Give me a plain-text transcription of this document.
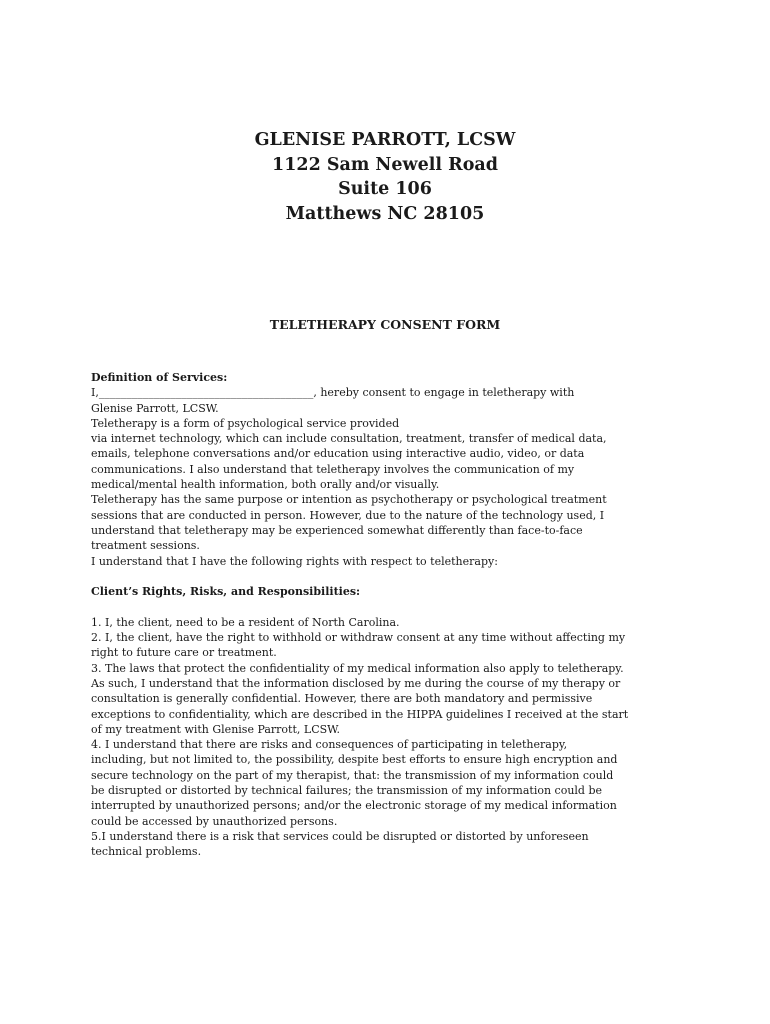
GLENISE PARROTT, LCSW
1122 Sam Newell Road
Suite 106
Matthews NC 28105
TELETHERAPY CONSENT FORM

Definition of Services:

I,_______________________________________, hereby consent to engage in teletherapy with

Glenise Parrott, LCSW.

Teletherapy is a form of psychological service provided

via internet technology, which can include consultation, treatment, transfer of medical data,

emails, telephone conversations and/or education using interactive audio, video, or data

communications. I also understand that teletherapy involves the communication of my

medical/mental health information, both orally and/or visually.

Teletherapy has the same purpose or intention as psychotherapy or psychological treatment

sessions that are conducted in person. However, due to the nature of the technology used, I

understand that teletherapy may be experienced somewhat differently than face-to-face

treatment sessions.

I understand that I have the following rights with respect to teletherapy:

Client’s Rights, Risks, and Responsibilities:

1. I, the client, need to be a resident of North Carolina.

2. I, the client, have the right to withhold or withdraw consent at any time without affecting my

right to future care or treatment.

3. The laws that protect the confidentiality of my medical information also apply to teletherapy.

As such, I understand that the information disclosed by me during the course of my therapy or

consultation is generally confidential. However, there are both mandatory and permissive

exceptions to confidentiality, which are described in the HIPPA guidelines I received at the start

of my treatment with Glenise Parrott, LCSW.

4. I understand that there are risks and consequences of participating in teletherapy,

including, but not limited to, the possibility, despite best efforts to ensure high encryption and

secure technology on the part of my therapist, that: the transmission of my information could

be disrupted or distorted by technical failures; the transmission of my information could be

interrupted by unauthorized persons; and/or the electronic storage of my medical information

could be accessed by unauthorized persons.

5.I understand there is a risk that services could be disrupted or distorted by unforeseen

technical problems.
